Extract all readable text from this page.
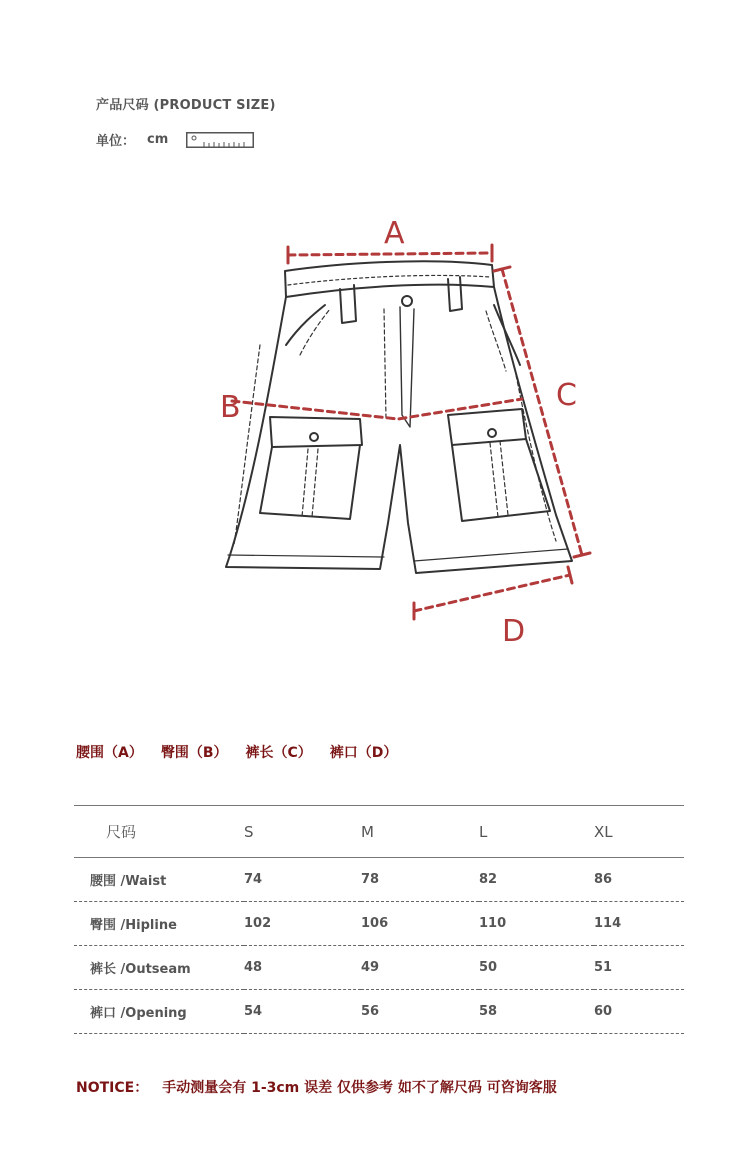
产品尺码 (PRODUCT SIZE)
单位： cm
A
B	C
D
腰围（A） 臀围（B） 裤长（C） 裤口（D）
尺码	S	M	L	XL
腰围 /Waist	74	78	82	86
臀围 /Hipline	102	106	110	114
裤长 /Outseam	48	49	50	51
裤口 /Opening	54	56	58	60
NOTICE： 手动测量会有 1-3cm 误差 仅供参考 如不了解尺码 可咨询客服
